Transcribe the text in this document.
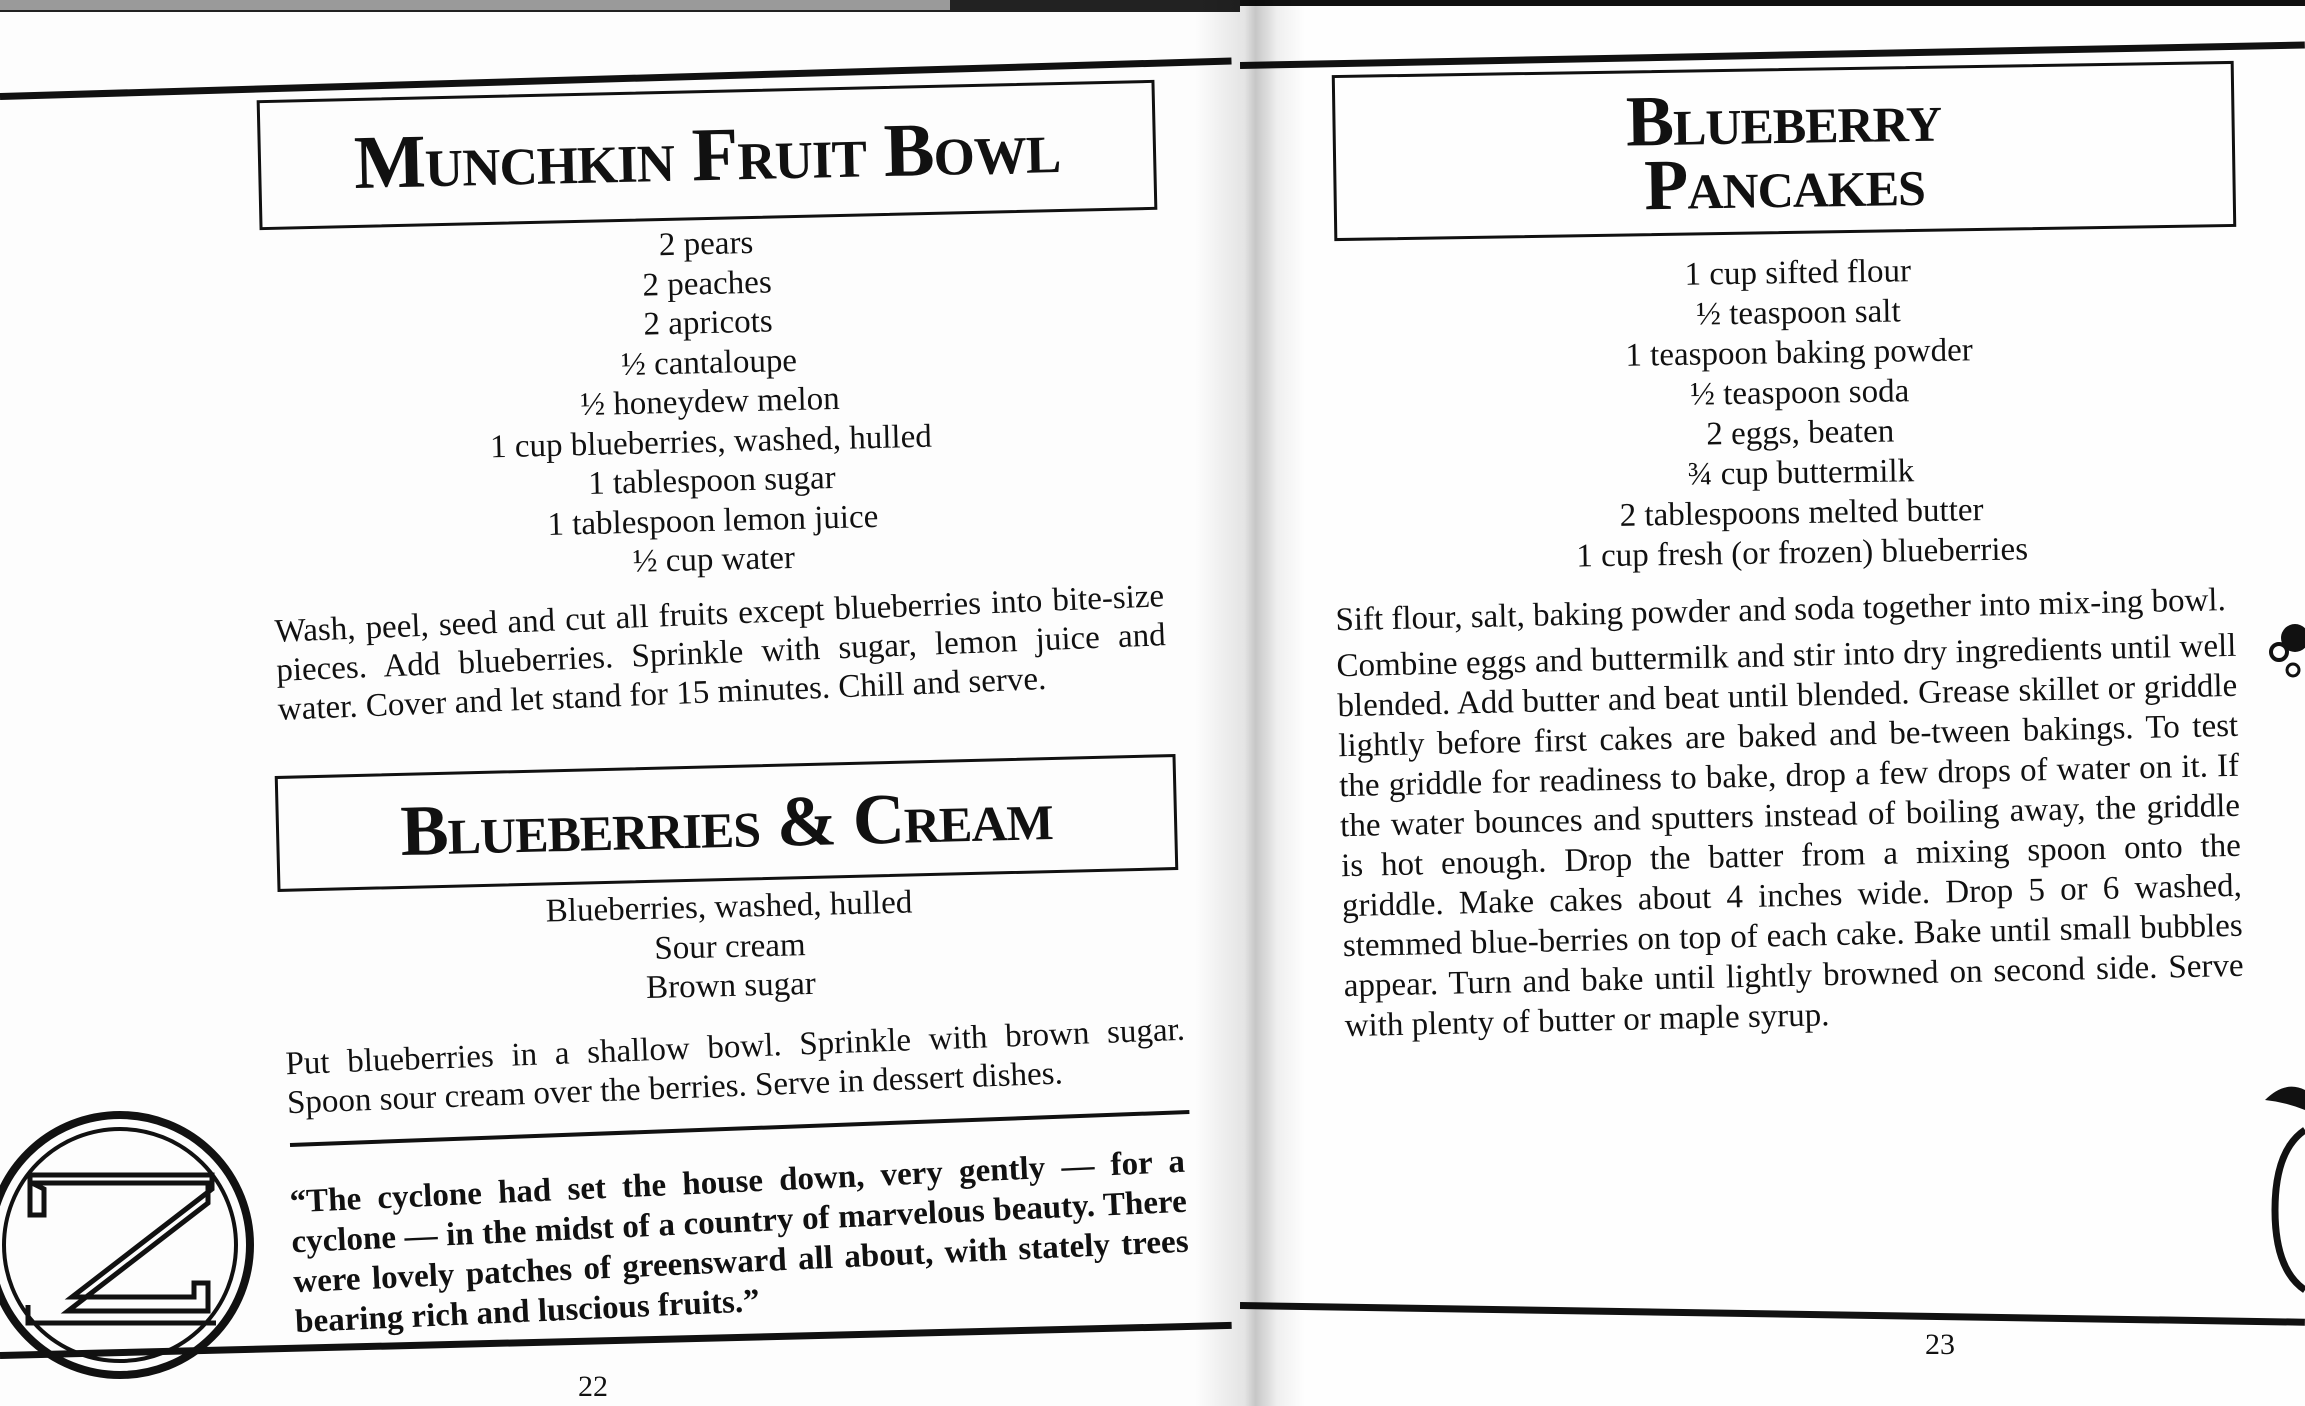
Munchkin Fruit Bowl
2 pears
2 peaches
2 apricots
½ cantaloupe
½ honeydew melon
1 cup blueberries, washed, hulled
1 tablespoon sugar
1 tablespoon lemon juice
½ cup water

Wash, peel, seed and cut all fruits except blueberries into bite-size pieces. Add blueberries. Sprinkle with sugar, lemon juice and water. Cover and let stand for 15 minutes. Chill and serve.

Blueberries & Cream
Blueberries, washed, hulled
Sour cream
Brown sugar

Put blueberries in a shallow bowl. Sprinkle with brown sugar. Spoon sour cream over the berries. Serve in dessert dishes.

“The cyclone had set the house down, very gently — for a cyclone — in the midst of a country of marvelous beauty. There were lovely patches of greensward all about, with stately trees bearing rich and luscious fruits.”
22
Blueberry
Pancakes
1 cup sifted flour
½ teaspoon salt
1 teaspoon baking powder
½ teaspoon soda
2 eggs, beaten
¾ cup buttermilk
2 tablespoons melted butter
1 cup fresh (or frozen) blueberries

Sift flour, salt, baking powder and soda together into mix-ing bowl.

Combine eggs and buttermilk and stir into dry ingredients until well blended. Add butter and beat until blended. Grease skillet or griddle lightly before first cakes are baked and be-tween bakings. To test the griddle for readiness to bake, drop a few drops of water on it. If the water bounces and sputters instead of boiling away, the griddle is hot enough. Drop the batter from a mixing spoon onto the griddle. Make cakes about 4 inches wide. Drop 5 or 6 washed, stemmed blue-berries on top of each cake. Bake until small bubbles appear. Turn and bake until lightly browned on second side. Serve with plenty of butter or maple syrup.

23
